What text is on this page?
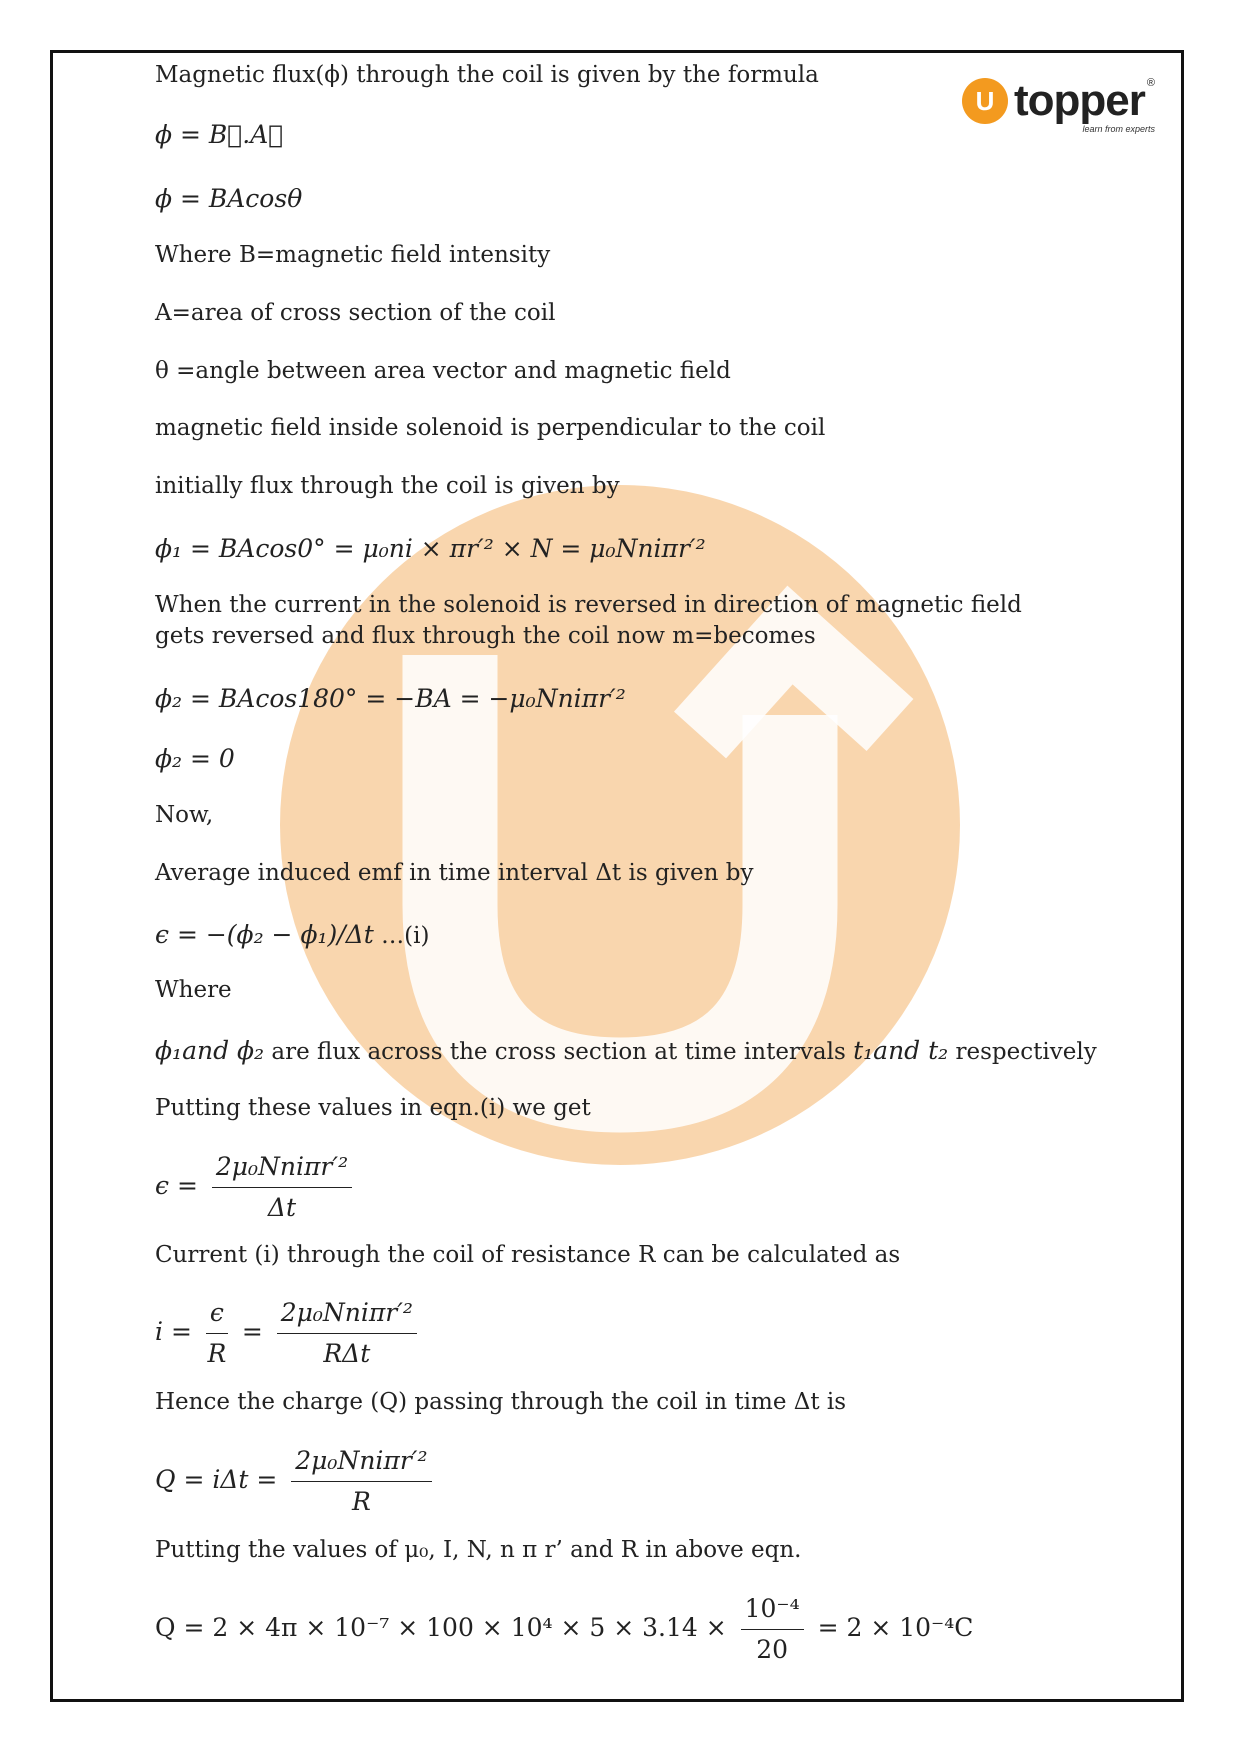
U topper ®
learn from experts
Magnetic flux(ϕ) through the coil is given by the formula
ϕ = B⃗.A⃗
ϕ = BAcosθ
Where B=magnetic field intensity
A=area of cross section of the coil
θ =angle between area vector and magnetic field
magnetic field inside solenoid is perpendicular to the coil
initially flux through the coil is given by
ϕ₁ = BAcos0° = μ₀ni × πr′² × N = μ₀Nniπr′²
When the current in the solenoid is reversed in direction of magnetic field gets reversed and flux through the coil now m=becomes
ϕ₂ = BAcos180° = −BA = −μ₀Nniπr′²
ϕ₂ = 0
Now,
Average induced emf in time interval Δt is given by
ϵ = −(ϕ₂ − ϕ₁)/Δt …(i)
Where
ϕ₁and ϕ₂ are flux across the cross section at time intervals t₁and t₂ respectively
Putting these values in eqn.(i) we get
$\epsilon = \frac{\text{2μ₀Nniπr′²}}{\Delta t}$
Current (i) through the coil of resistance R can be calculated as
$i = \frac{\epsilon}{R} = \frac{\text{2μ₀Nniπr′²}}{\text{RΔt}}$
Hence the charge (Q) passing through the coil in time Δt is
$Q = i\Delta t = \frac{\text{2μ₀Nniπr′²}}{R}$
Putting the values of μ₀, I, N, n π r’ and R in above eqn.
$Q = 2 \times 4\pi \times 10^{-7} \times 100 \times 10^4 \times 5 \times 3.14 \times \frac{\text{10⁻⁴}}{20} = 2 \times 10^{-4}C$
